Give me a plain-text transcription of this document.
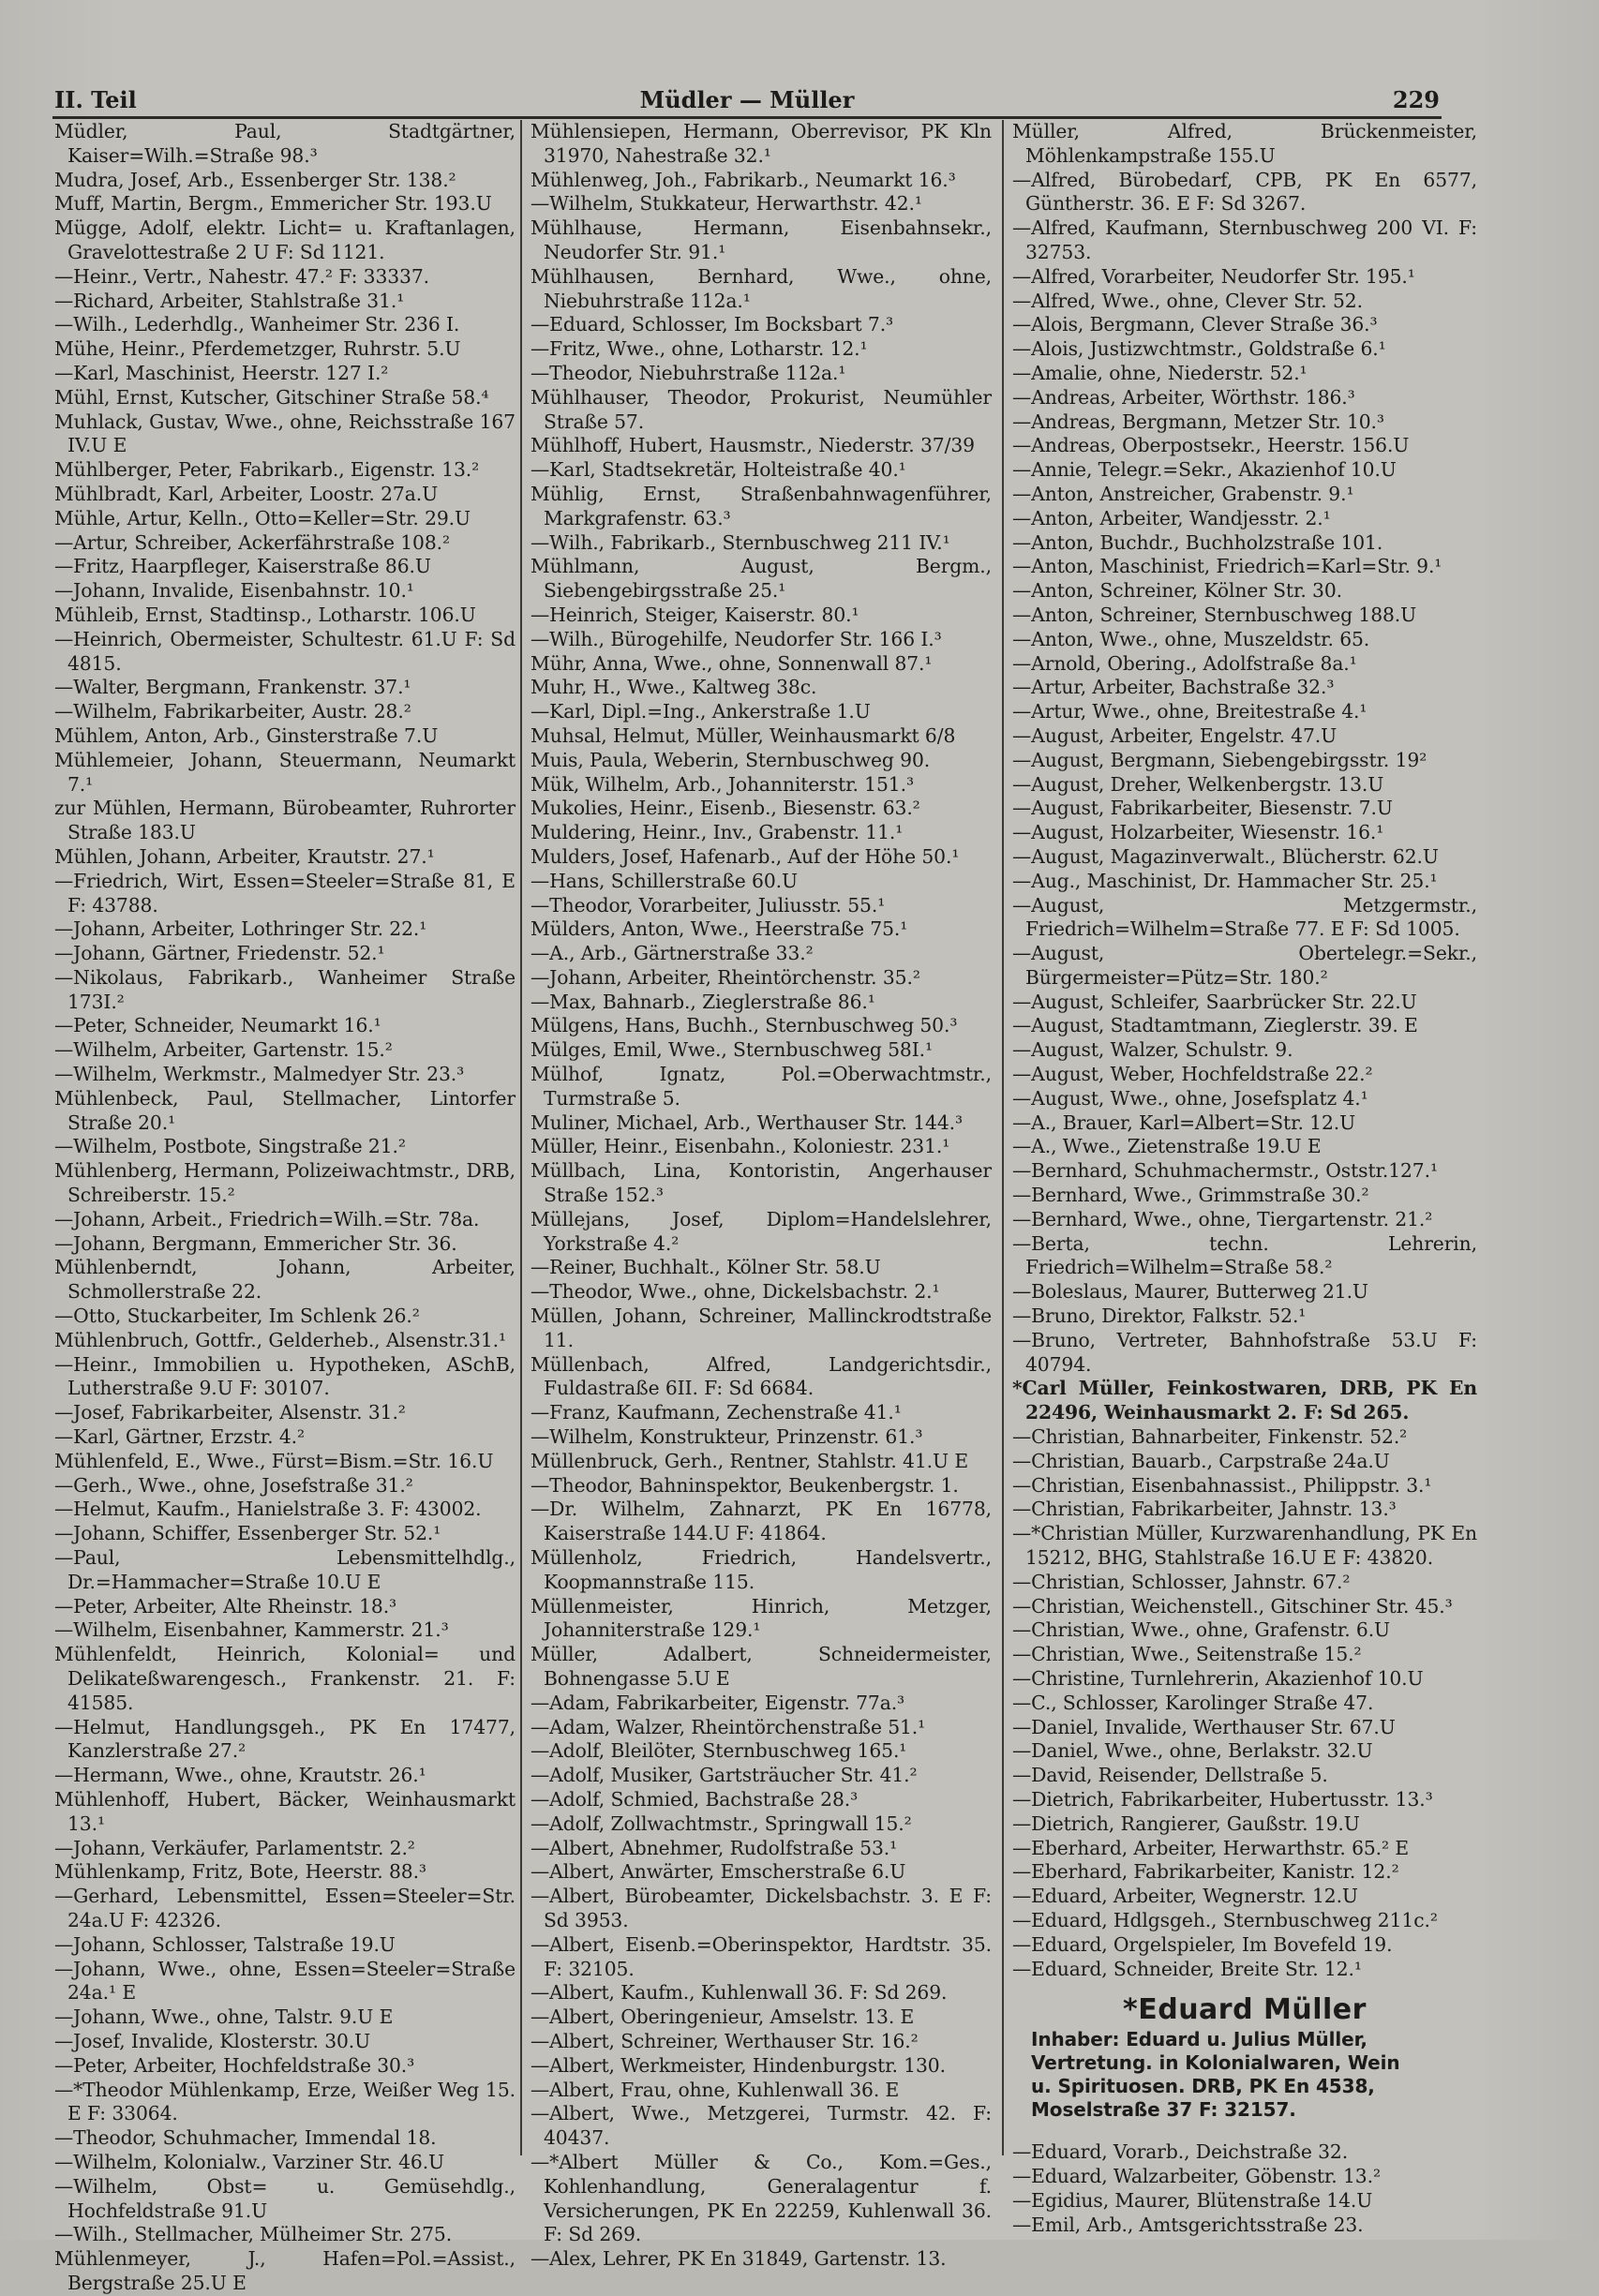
II. Teil	Müdler — Müller	229
Müdler, Paul, Stadtgärtner, Kaiser=Wilh.=Straße 98.³
Mudra, Josef, Arb., Essenberger Str. 138.²
Muff, Martin, Bergm., Emmericher Str. 193.U
Mügge, Adolf, elektr. Licht= u. Kraftanlagen, Gravelottestraße 2 U F: Sd 1121.
—Heinr., Vertr., Nahestr. 47.² F: 33337.
—Richard, Arbeiter, Stahlstraße 31.¹
—Wilh., Lederhdlg., Wanheimer Str. 236 I.
Mühe, Heinr., Pferdemetzger, Ruhrstr. 5.U
—Karl, Maschinist, Heerstr. 127 I.²
Mühl, Ernst, Kutscher, Gitschiner Straße 58.⁴
Muhlack, Gustav, Wwe., ohne, Reichsstraße 167 IV.U E
Mühlberger, Peter, Fabrikarb., Eigenstr. 13.²
Mühlbradt, Karl, Arbeiter, Loostr. 27a.U
Mühle, Artur, Kelln., Otto=Keller=Str. 29.U
—Artur, Schreiber, Ackerfährstraße 108.²
—Fritz, Haarpfleger, Kaiserstraße 86.U
—Johann, Invalide, Eisenbahnstr. 10.¹
Mühleib, Ernst, Stadtinsp., Lotharstr. 106.U
—Heinrich, Obermeister, Schultestr. 61.U F: Sd 4815.
—Walter, Bergmann, Frankenstr. 37.¹
—Wilhelm, Fabrikarbeiter, Austr. 28.²
Mühlem, Anton, Arb., Ginsterstraße 7.U
Mühlemeier, Johann, Steuermann, Neumarkt 7.¹
zur Mühlen, Hermann, Bürobeamter, Ruhrorter Straße 183.U
Mühlen, Johann, Arbeiter, Krautstr. 27.¹
—Friedrich, Wirt, Essen=Steeler=Straße 81, E F: 43788.
—Johann, Arbeiter, Lothringer Str. 22.¹
—Johann, Gärtner, Friedenstr. 52.¹
—Nikolaus, Fabrikarb., Wanheimer Straße 173I.²
—Peter, Schneider, Neumarkt 16.¹
—Wilhelm, Arbeiter, Gartenstr. 15.²
—Wilhelm, Werkmstr., Malmedyer Str. 23.³
Mühlenbeck, Paul, Stellmacher, Lintorfer Straße 20.¹
—Wilhelm, Postbote, Singstraße 21.²
Mühlenberg, Hermann, Polizeiwachtmstr., DRB, Schreiberstr. 15.²
—Johann, Arbeit., Friedrich=Wilh.=Str. 78a.
—Johann, Bergmann, Emmericher Str. 36.
Mühlenberndt, Johann, Arbeiter, Schmollerstraße 22.
—Otto, Stuckarbeiter, Im Schlenk 26.²
Mühlenbruch, Gottfr., Gelderheb., Alsenstr.31.¹
—Heinr., Immobilien u. Hypotheken, ASchB, Lutherstraße 9.U F: 30107.
—Josef, Fabrikarbeiter, Alsenstr. 31.²
—Karl, Gärtner, Erzstr. 4.²
Mühlenfeld, E., Wwe., Fürst=Bism.=Str. 16.U
—Gerh., Wwe., ohne, Josefstraße 31.²
—Helmut, Kaufm., Hanielstraße 3. F: 43002.
—Johann, Schiffer, Essenberger Str. 52.¹
—Paul, Lebensmittelhdlg., Dr.=Hammacher=Straße 10.U E
—Peter, Arbeiter, Alte Rheinstr. 18.³
—Wilhelm, Eisenbahner, Kammerstr. 21.³
Mühlenfeldt, Heinrich, Kolonial= und Delikateßwarengesch., Frankenstr. 21. F: 41585.
—Helmut, Handlungsgeh., PK En 17477, Kanzlerstraße 27.²
—Hermann, Wwe., ohne, Krautstr. 26.¹
Mühlenhoff, Hubert, Bäcker, Weinhausmarkt 13.¹
—Johann, Verkäufer, Parlamentstr. 2.²
Mühlenkamp, Fritz, Bote, Heerstr. 88.³
—Gerhard, Lebensmittel, Essen=Steeler=Str. 24a.U F: 42326.
—Johann, Schlosser, Talstraße 19.U
—Johann, Wwe., ohne, Essen=Steeler=Straße 24a.¹ E
—Johann, Wwe., ohne, Talstr. 9.U E
—Josef, Invalide, Klosterstr. 30.U
—Peter, Arbeiter, Hochfeldstraße 30.³
—*Theodor Mühlenkamp, Erze, Weißer Weg 15. E F: 33064.
—Theodor, Schuhmacher, Immendal 18.
—Wilhelm, Kolonialw., Varziner Str. 46.U
—Wilhelm, Obst= u. Gemüsehdlg., Hochfeldstraße 91.U
—Wilh., Stellmacher, Mülheimer Str. 275.
Mühlenmeyer, J., Hafen=Pol.=Assist., Bergstraße 25.U E
Mühlensiepen, Hermann, Oberrevisor, PK Kln 31970, Nahestraße 32.¹
Mühlenweg, Joh., Fabrikarb., Neumarkt 16.³
—Wilhelm, Stukkateur, Herwarthstr. 42.¹
Mühlhause, Hermann, Eisenbahnsekr., Neudorfer Str. 91.¹
Mühlhausen, Bernhard, Wwe., ohne, Niebuhrstraße 112a.¹
—Eduard, Schlosser, Im Bocksbart 7.³
—Fritz, Wwe., ohne, Lotharstr. 12.¹
—Theodor, Niebuhrstraße 112a.¹
Mühlhauser, Theodor, Prokurist, Neumühler Straße 57.
Mühlhoff, Hubert, Hausmstr., Niederstr. 37/39
—Karl, Stadtsekretär, Holteistraße 40.¹
Mühlig, Ernst, Straßenbahnwagenführer, Markgrafenstr. 63.³
—Wilh., Fabrikarb., Sternbuschweg 211 IV.¹
Mühlmann, August, Bergm., Siebengebirgsstraße 25.¹
—Heinrich, Steiger, Kaiserstr. 80.¹
—Wilh., Bürogehilfe, Neudorfer Str. 166 I.³
Mühr, Anna, Wwe., ohne, Sonnenwall 87.¹
Muhr, H., Wwe., Kaltweg 38c.
—Karl, Dipl.=Ing., Ankerstraße 1.U
Muhsal, Helmut, Müller, Weinhausmarkt 6/8
Muis, Paula, Weberin, Sternbuschweg 90.
Mük, Wilhelm, Arb., Johanniterstr. 151.³
Mukolies, Heinr., Eisenb., Biesenstr. 63.²
Muldering, Heinr., Inv., Grabenstr. 11.¹
Mulders, Josef, Hafenarb., Auf der Höhe 50.¹
—Hans, Schillerstraße 60.U
—Theodor, Vorarbeiter, Juliusstr. 55.¹
Mülders, Anton, Wwe., Heerstraße 75.¹
—A., Arb., Gärtnerstraße 33.²
—Johann, Arbeiter, Rheintörchenstr. 35.²
—Max, Bahnarb., Zieglerstraße 86.¹
Mülgens, Hans, Buchh., Sternbuschweg 50.³
Mülges, Emil, Wwe., Sternbuschweg 58I.¹
Mülhof, Ignatz, Pol.=Oberwachtmstr., Turmstraße 5.
Muliner, Michael, Arb., Werthauser Str. 144.³
Müller, Heinr., Eisenbahn., Koloniestr. 231.¹
Müllbach, Lina, Kontoristin, Angerhauser Straße 152.³
Müllejans, Josef, Diplom=Handelslehrer, Yorkstraße 4.²
—Reiner, Buchhalt., Kölner Str. 58.U
—Theodor, Wwe., ohne, Dickelsbachstr. 2.¹
Müllen, Johann, Schreiner, Mallinckrodtstraße 11.
Müllenbach, Alfred, Landgerichtsdir., Fuldastraße 6II. F: Sd 6684.
—Franz, Kaufmann, Zechenstraße 41.¹
—Wilhelm, Konstrukteur, Prinzenstr. 61.³
Müllenbruck, Gerh., Rentner, Stahlstr. 41.U E
—Theodor, Bahninspektor, Beukenbergstr. 1.
—Dr. Wilhelm, Zahnarzt, PK En 16778, Kaiserstraße 144.U F: 41864.
Müllenholz, Friedrich, Handelsvertr., Koopmannstraße 115.
Müllenmeister, Hinrich, Metzger, Johanniterstraße 129.¹
Müller, Adalbert, Schneidermeister, Bohnengasse 5.U E
—Adam, Fabrikarbeiter, Eigenstr. 77a.³
—Adam, Walzer, Rheintörchenstraße 51.¹
—Adolf, Bleilöter, Sternbuschweg 165.¹
—Adolf, Musiker, Gartsträucher Str. 41.²
—Adolf, Schmied, Bachstraße 28.³
—Adolf, Zollwachtmstr., Springwall 15.²
—Albert, Abnehmer, Rudolfstraße 53.¹
—Albert, Anwärter, Emscherstraße 6.U
—Albert, Bürobeamter, Dickelsbachstr. 3. E F: Sd 3953.
—Albert, Eisenb.=Oberinspektor, Hardtstr. 35. F: 32105.
—Albert, Kaufm., Kuhlenwall 36. F: Sd 269.
—Albert, Oberingenieur, Amselstr. 13. E
—Albert, Schreiner, Werthauser Str. 16.²
—Albert, Werkmeister, Hindenburgstr. 130.
—Albert, Frau, ohne, Kuhlenwall 36. E
—Albert, Wwe., Metzgerei, Turmstr. 42. F: 40437.
—*Albert Müller & Co., Kom.=Ges., Kohlenhandlung, Generalagentur f. Versicherungen, PK En 22259, Kuhlenwall 36. F: Sd 269.
—Alex, Lehrer, PK En 31849, Gartenstr. 13.
Müller, Alfred, Brückenmeister, Möhlenkampstraße 155.U
—Alfred, Bürobedarf, CPB, PK En 6577, Güntherstr. 36. E F: Sd 3267.
—Alfred, Kaufmann, Sternbuschweg 200 VI. F: 32753.
—Alfred, Vorarbeiter, Neudorfer Str. 195.¹
—Alfred, Wwe., ohne, Clever Str. 52.
—Alois, Bergmann, Clever Straße 36.³
—Alois, Justizwchtmstr., Goldstraße 6.¹
—Amalie, ohne, Niederstr. 52.¹
—Andreas, Arbeiter, Wörthstr. 186.³
—Andreas, Bergmann, Metzer Str. 10.³
—Andreas, Oberpostsekr., Heerstr. 156.U
—Annie, Telegr.=Sekr., Akazienhof 10.U
—Anton, Anstreicher, Grabenstr. 9.¹
—Anton, Arbeiter, Wandjesstr. 2.¹
—Anton, Buchdr., Buchholzstraße 101.
—Anton, Maschinist, Friedrich=Karl=Str. 9.¹
—Anton, Schreiner, Kölner Str. 30.
—Anton, Schreiner, Sternbuschweg 188.U
—Anton, Wwe., ohne, Muszeldstr. 65.
—Arnold, Obering., Adolfstraße 8a.¹
—Artur, Arbeiter, Bachstraße 32.³
—Artur, Wwe., ohne, Breitestraße 4.¹
—August, Arbeiter, Engelstr. 47.U
—August, Bergmann, Siebengebirgsstr. 19²
—August, Dreher, Welkenbergstr. 13.U
—August, Fabrikarbeiter, Biesenstr. 7.U
—August, Holzarbeiter, Wiesenstr. 16.¹
—August, Magazinverwalt., Blücherstr. 62.U
—Aug., Maschinist, Dr. Hammacher Str. 25.¹
—August, Metzgermstr., Friedrich=Wilhelm=Straße 77. E F: Sd 1005.
—August, Obertelegr.=Sekr., Bürgermeister=Pütz=Str. 180.²
—August, Schleifer, Saarbrücker Str. 22.U
—August, Stadtamtmann, Zieglerstr. 39. E
—August, Walzer, Schulstr. 9.
—August, Weber, Hochfeldstraße 22.²
—August, Wwe., ohne, Josefsplatz 4.¹
—A., Brauer, Karl=Albert=Str. 12.U
—A., Wwe., Zietenstraße 19.U E
—Bernhard, Schuhmachermstr., Oststr.127.¹
—Bernhard, Wwe., Grimmstraße 30.²
—Bernhard, Wwe., ohne, Tiergartenstr. 21.²
—Berta, techn. Lehrerin, Friedrich=Wilhelm=Straße 58.²
—Boleslaus, Maurer, Butterweg 21.U
—Bruno, Direktor, Falkstr. 52.¹
—Bruno, Vertreter, Bahnhofstraße 53.U F: 40794.
*Carl Müller, Feinkostwaren, DRB, PK En 22496, Weinhausmarkt 2. F: Sd 265.
—Christian, Bahnarbeiter, Finkenstr. 52.²
—Christian, Bauarb., Carpstraße 24a.U
—Christian, Eisenbahnassist., Philippstr. 3.¹
—Christian, Fabrikarbeiter, Jahnstr. 13.³
—*Christian Müller, Kurzwarenhandlung, PK En 15212, BHG, Stahlstraße 16.U E F: 43820.
—Christian, Schlosser, Jahnstr. 67.²
—Christian, Weichenstell., Gitschiner Str. 45.³
—Christian, Wwe., ohne, Grafenstr. 6.U
—Christian, Wwe., Seitenstraße 15.²
—Christine, Turnlehrerin, Akazienhof 10.U
—C., Schlosser, Karolinger Straße 47.
—Daniel, Invalide, Werthauser Str. 67.U
—Daniel, Wwe., ohne, Berlakstr. 32.U
—David, Reisender, Dellstraße 5.
—Dietrich, Fabrikarbeiter, Hubertusstr. 13.³
—Dietrich, Rangierer, Gaußstr. 19.U
—Eberhard, Arbeiter, Herwarthstr. 65.² E
—Eberhard, Fabrikarbeiter, Kanistr. 12.²
—Eduard, Arbeiter, Wegnerstr. 12.U
—Eduard, Hdlgsgeh., Sternbuschweg 211c.²
—Eduard, Orgelspieler, Im Bovefeld 19.
—Eduard, Schneider, Breite Str. 12.¹
*Eduard Müller
Inhaber: Eduard u. Julius Müller,
Vertretung. in Kolonialwaren, Wein
u. Spirituosen. DRB, PK En 4538,
Moselstraße 37 F: 32157.
—Eduard, Vorarb., Deichstraße 32.
—Eduard, Walzarbeiter, Göbenstr. 13.²
—Egidius, Maurer, Blütenstraße 14.U
—Emil, Arb., Amtsgerichtsstraße 23.
